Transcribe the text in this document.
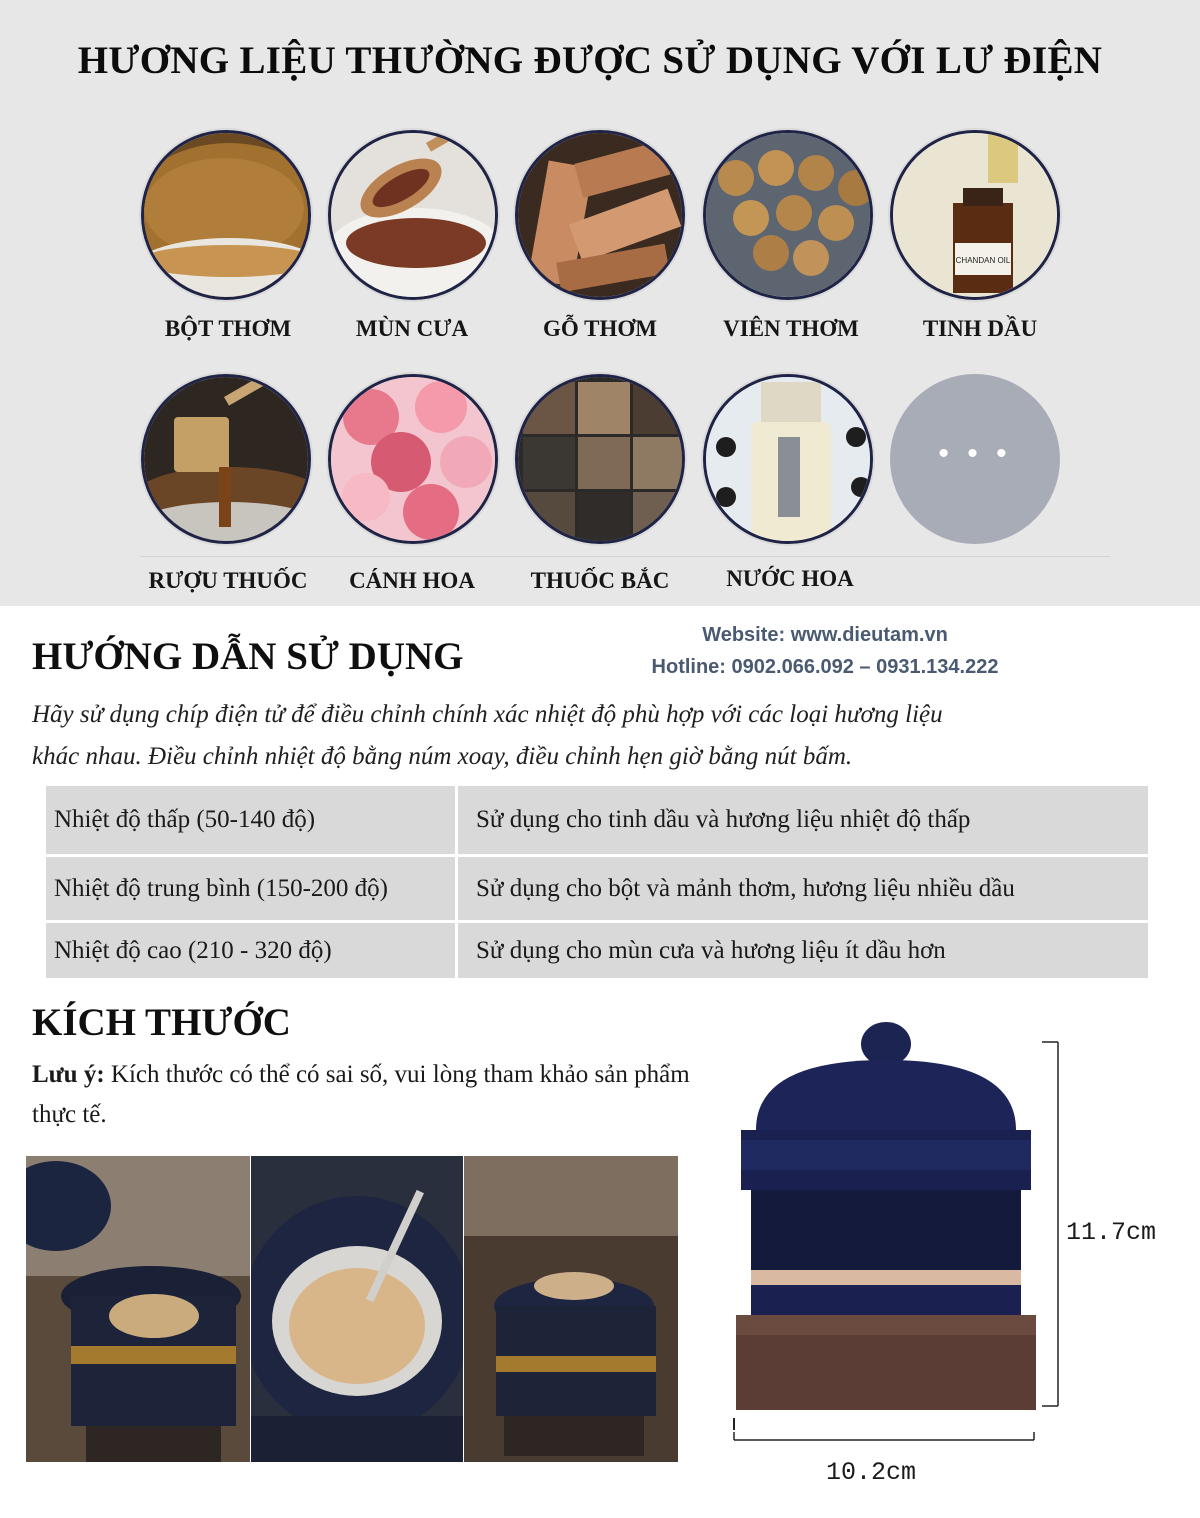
HƯƠNG LIỆU THƯỜNG ĐƯỢC SỬ DỤNG VỚI LƯ ĐIỆN
CHANDAN OIL
BỘT THƠM	MÙN CƯA	GỖ THƠM	VIÊN THƠM	TINH DẦU
• • •
RƯỢU THUỐC	CÁNH HOA	THUỐC BẮC	NƯỚC HOA
HƯỚNG DẪN SỬ DỤNG	Website: www.dieutam.vn
Hotline: 0902.066.092 – 0931.134.222
Hãy sử dụng chíp điện tử để điều chỉnh chính xác nhiệt độ phù hợp với các loại hương liệu
khác nhau. Điều chỉnh nhiệt độ bằng núm xoay, điều chỉnh hẹn giờ bằng nút bấm.
Nhiệt độ thấp (50-140 độ)	Sử dụng cho tinh dầu và hương liệu nhiệt độ thấp
Nhiệt độ trung bình (150-200 độ)	Sử dụng cho bột và mảnh thơm, hương liệu nhiều dầu
Nhiệt độ cao (210 - 320 độ)	Sử dụng cho mùn cưa và hương liệu ít dầu hơn
KÍCH THƯỚC
Lưu ý: Kích thước có thể có sai số, vui lòng tham khảo sản phẩm thực tế.
11.7cm
10.2cm
